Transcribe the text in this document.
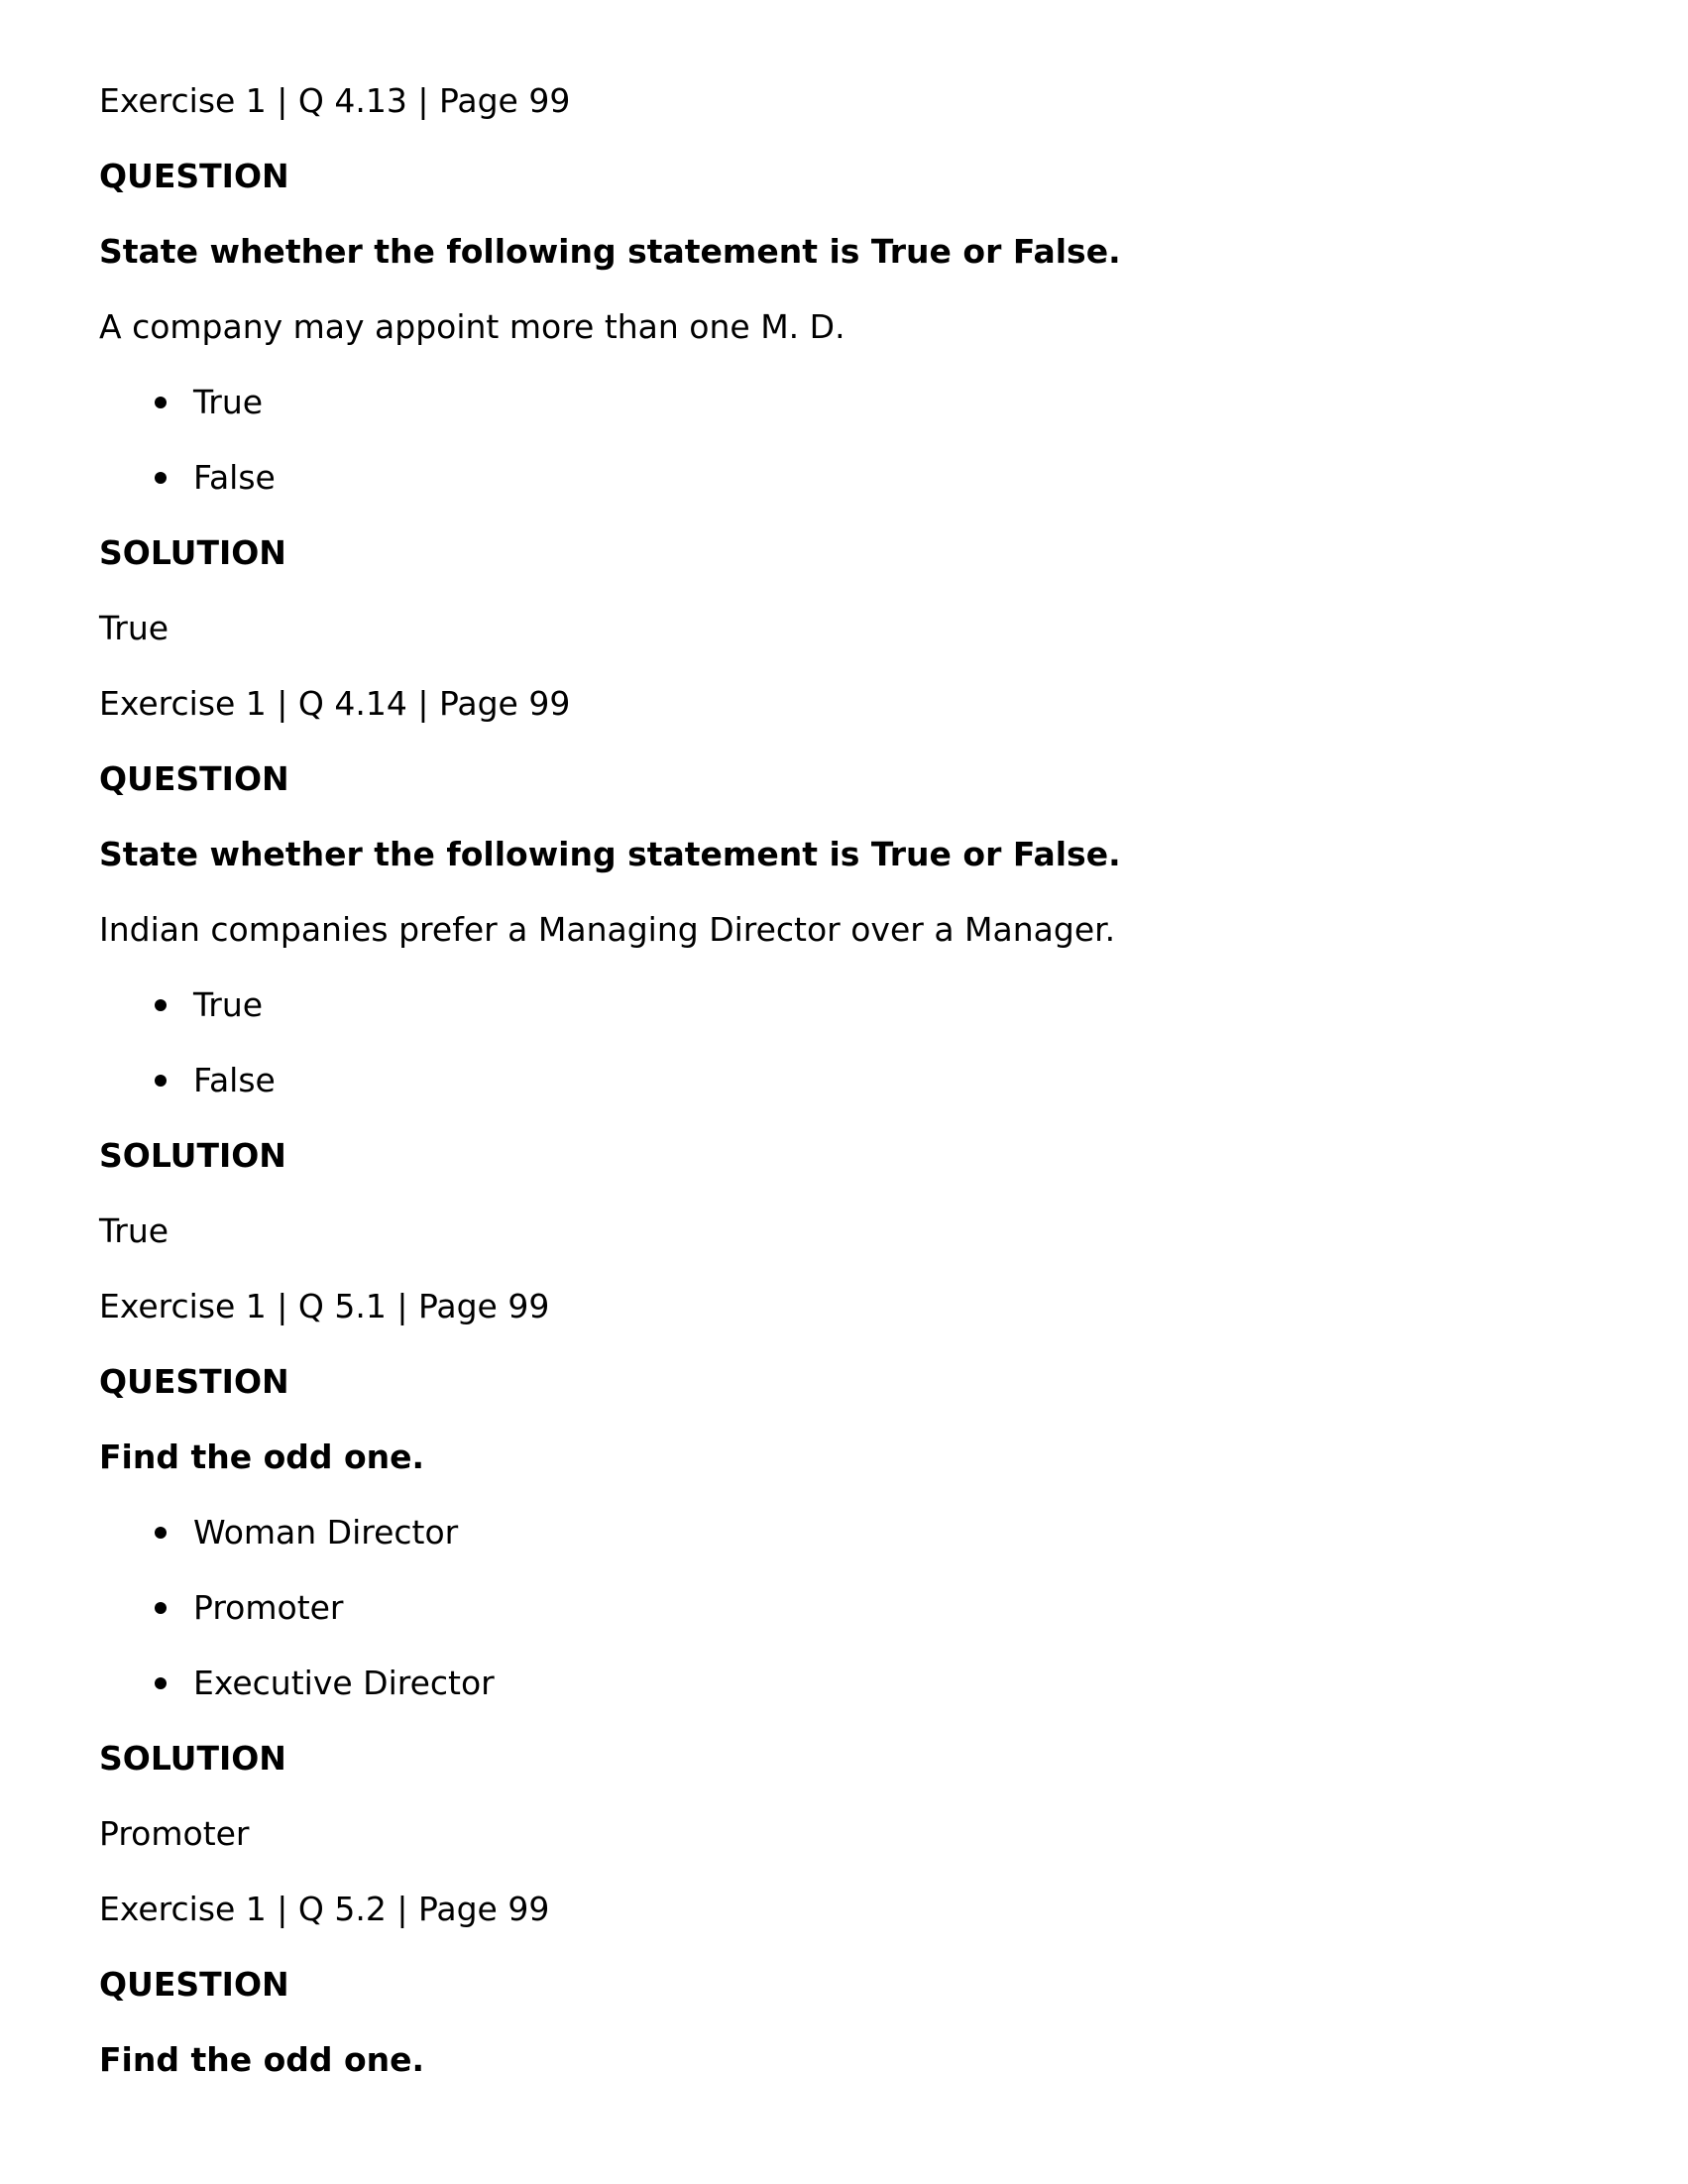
Exercise 1 | Q 4.13 | Page 99
QUESTION
State whether the following statement is True or False.
A company may appoint more than one M. D.
True
False
SOLUTION
True
Exercise 1 | Q 4.14 | Page 99
QUESTION
State whether the following statement is True or False.
Indian companies prefer a Managing Director over a Manager.
True
False
SOLUTION
True
Exercise 1 | Q 5.1 | Page 99
QUESTION
Find the odd one.
Woman Director
Promoter
Executive Director
SOLUTION
Promoter
Exercise 1 | Q 5.2 | Page 99
QUESTION
Find the odd one.
